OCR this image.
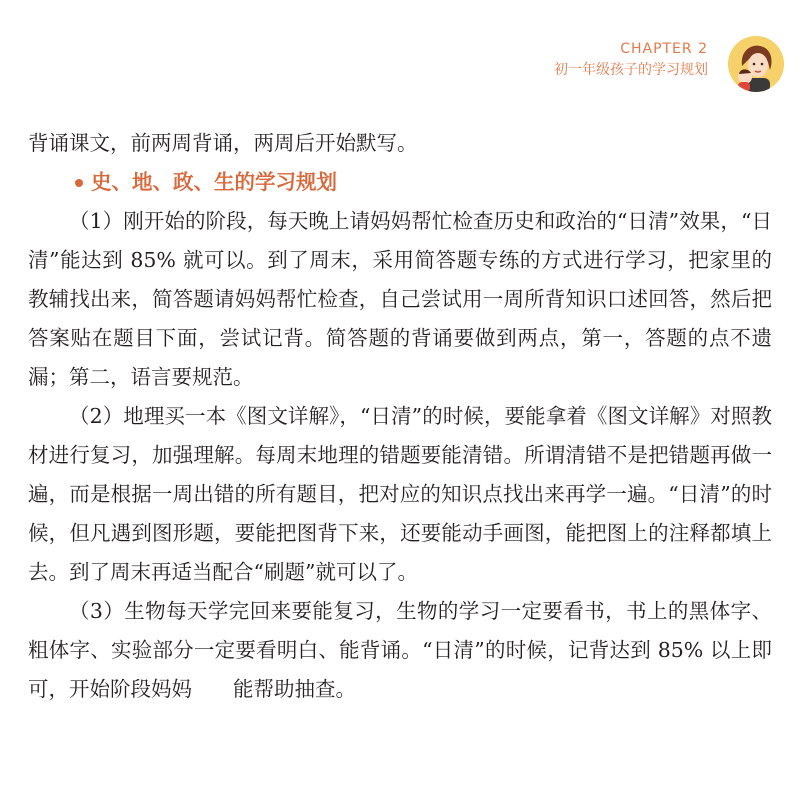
CHAPTER 2
初一年级孩子的学习规划

背诵课文，前两周背诵，两周后开始默写。

史、地、政、生的学习规划

（1）刚开始的阶段，每天晚上请妈妈帮忙检查历史和政治的“日清”效果，“日清”能达到 85% 就可以。到了周末，采用简答题专练的方式进行学习，把家里的教辅找出来，简答题请妈妈帮忙检查，自己尝试用一周所背知识口述回答，然后把答案贴在题目下面，尝试记背。简答题的背诵要做到两点，第一，答题的点不遗漏；第二，语言要规范。

（2）地理买一本《图文详解》，“日清”的时候，要能拿着《图文详解》对照教材进行复习，加强理解。每周末地理的错题要能清错。所谓清错不是把错题再做一遍，而是根据一周出错的所有题目，把对应的知识点找出来再学一遍。“日清”的时候，但凡遇到图形题，要能把图背下来，还要能动手画图，能把图上的注释都填上去。到了周末再适当配合“刷题”就可以了。

（3）生物每天学完回来要能复习，生物的学习一定要看书，书上的黑体字、粗体字、实验部分一定要看明白、能背诵。“日清”的时候，记背达到 85% 以上即可，开始阶段妈妈　　能帮助抽查。
